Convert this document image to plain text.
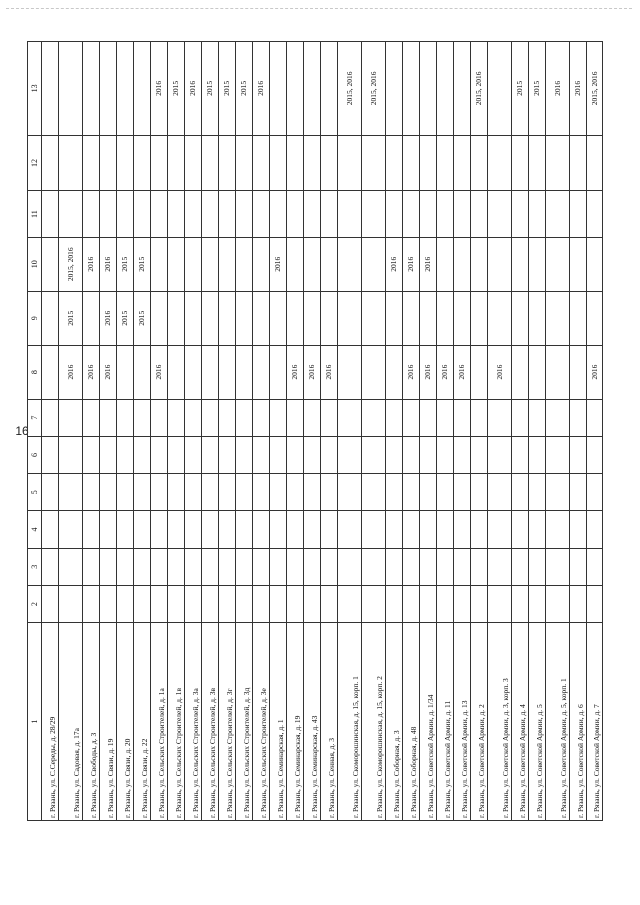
16
1
2
3
4
5
6
7
8
9
10
11
12
13
г. Рязань, ул. С.Середы, д. 28/29	г. Рязань, ул. Садовая, д. 17а
2016
2015
2015, 2016
г. Рязань, ул. Свободы, д. 3
2016
2016
г. Рязань, ул. Связи, д. 19
2016
2016
2016
г. Рязань, ул. Связи, д. 20
2015
2015
г. Рязань, ул. Связи, д. 22
2015
2015
г. Рязань, ул. Сельских Строителей, д. 1а
2016
2016
г. Рязань, ул. Сельских Строителей, д. 1в
2015
г. Рязань, ул. Сельских Строителей, д. 3а
2016
г. Рязань, ул. Сельских Строителей, д. 3в
2015
г. Рязань, ул. Сельских Строителей, д. 3г
2015
г. Рязань, ул. Сельских Строителей, д. 3д
2015
г. Рязань, ул. Сельских Строителей, д. 3е
2016
г. Рязань, ул. Семинарская, д. 1
2016
г. Рязань, ул. Семинарская, д. 19
2016
г. Рязань, ул. Семинарская, д. 43
2016
г. Рязань, ул. Сенная, д. 3
2016
г. Рязань, ул. Скоморошинская, д. 15, корп. 1
2015, 2016
г. Рязань, ул. Скоморошинская, д. 15, корп. 2
2015, 2016
г. Рязань, ул. Соборная, д. 3
2016
г. Рязань, ул. Соборная, д. 48
2016
2016
г. Рязань, ул. Советской Армии, д. 1/34
2016
2016
г. Рязань, ул. Советской Армии, д. 11
2016
г. Рязань, ул. Советской Армии, д. 13
2016
г. Рязань, ул. Советской Армии, д. 2
2015, 2016
г. Рязань, ул. Советской Армии, д. 3, корп. 3
2016
г. Рязань, ул. Советской Армии, д. 4
2015
г. Рязань, ул. Советской Армии, д. 5
2015
г. Рязань, ул. Советской Армии, д. 5, корп. 1
2016
г. Рязань, ул. Советской Армии, д. 6
2016
г. Рязань, ул. Советской Армии, д. 7
2016
2015, 2016
